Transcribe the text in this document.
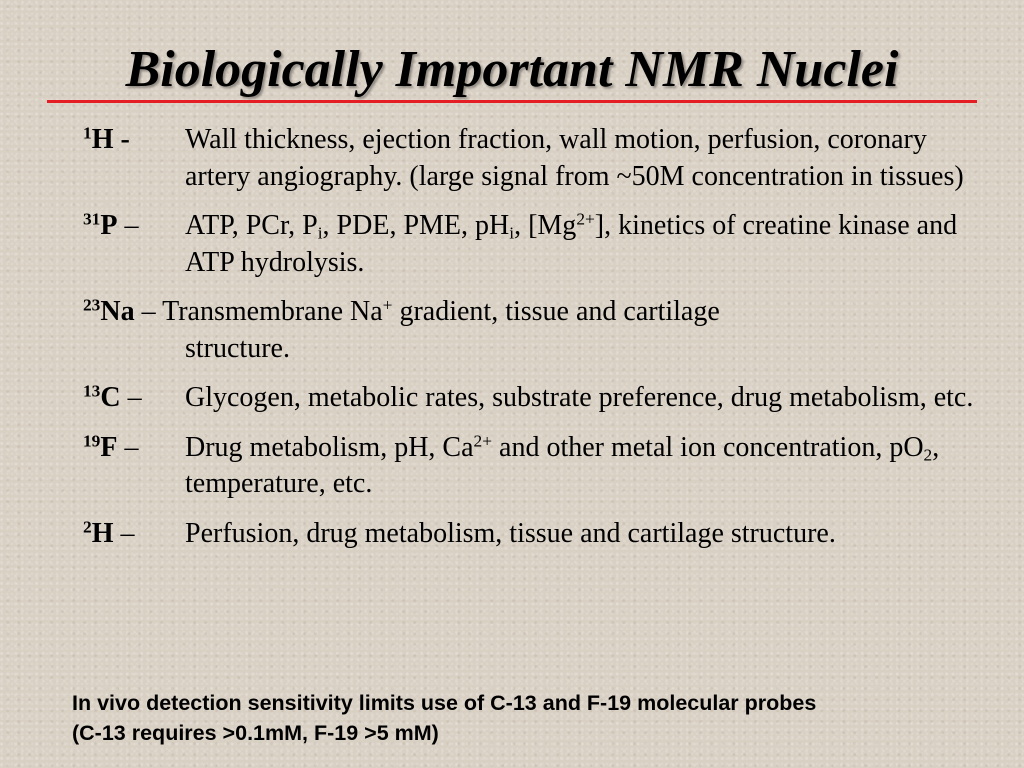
Biologically Important NMR Nuclei
$^1$H -	Wall thickness, ejection fraction, wall motion, perfusion, coronary artery angiography. (large signal from ~50M concentration in tissues)
$^{31}$P –	ATP, PCr, $P_i$, PDE, PME, $pH_i$, $[Mg^{2+}]$, kinetics of creatine kinase and ATP hydrolysis.
$^{23}$Na – Transmembrane Na+ gradient, tissue and cartilage
structure.
$^{13}$C –	Glycogen, metabolic rates, substrate preference, drug metabolism, etc.
$^{19}$F –	Drug metabolism, pH, $Ca^{2+}$ and other metal ion concentration, $pO_2$, temperature, etc.
$^2$H –	Perfusion, drug metabolism, tissue and cartilage structure.
In vivo detection sensitivity limits use of C-13 and F-19 molecular probes
(C-13 requires >0.1mM, F-19 >5 mM)
